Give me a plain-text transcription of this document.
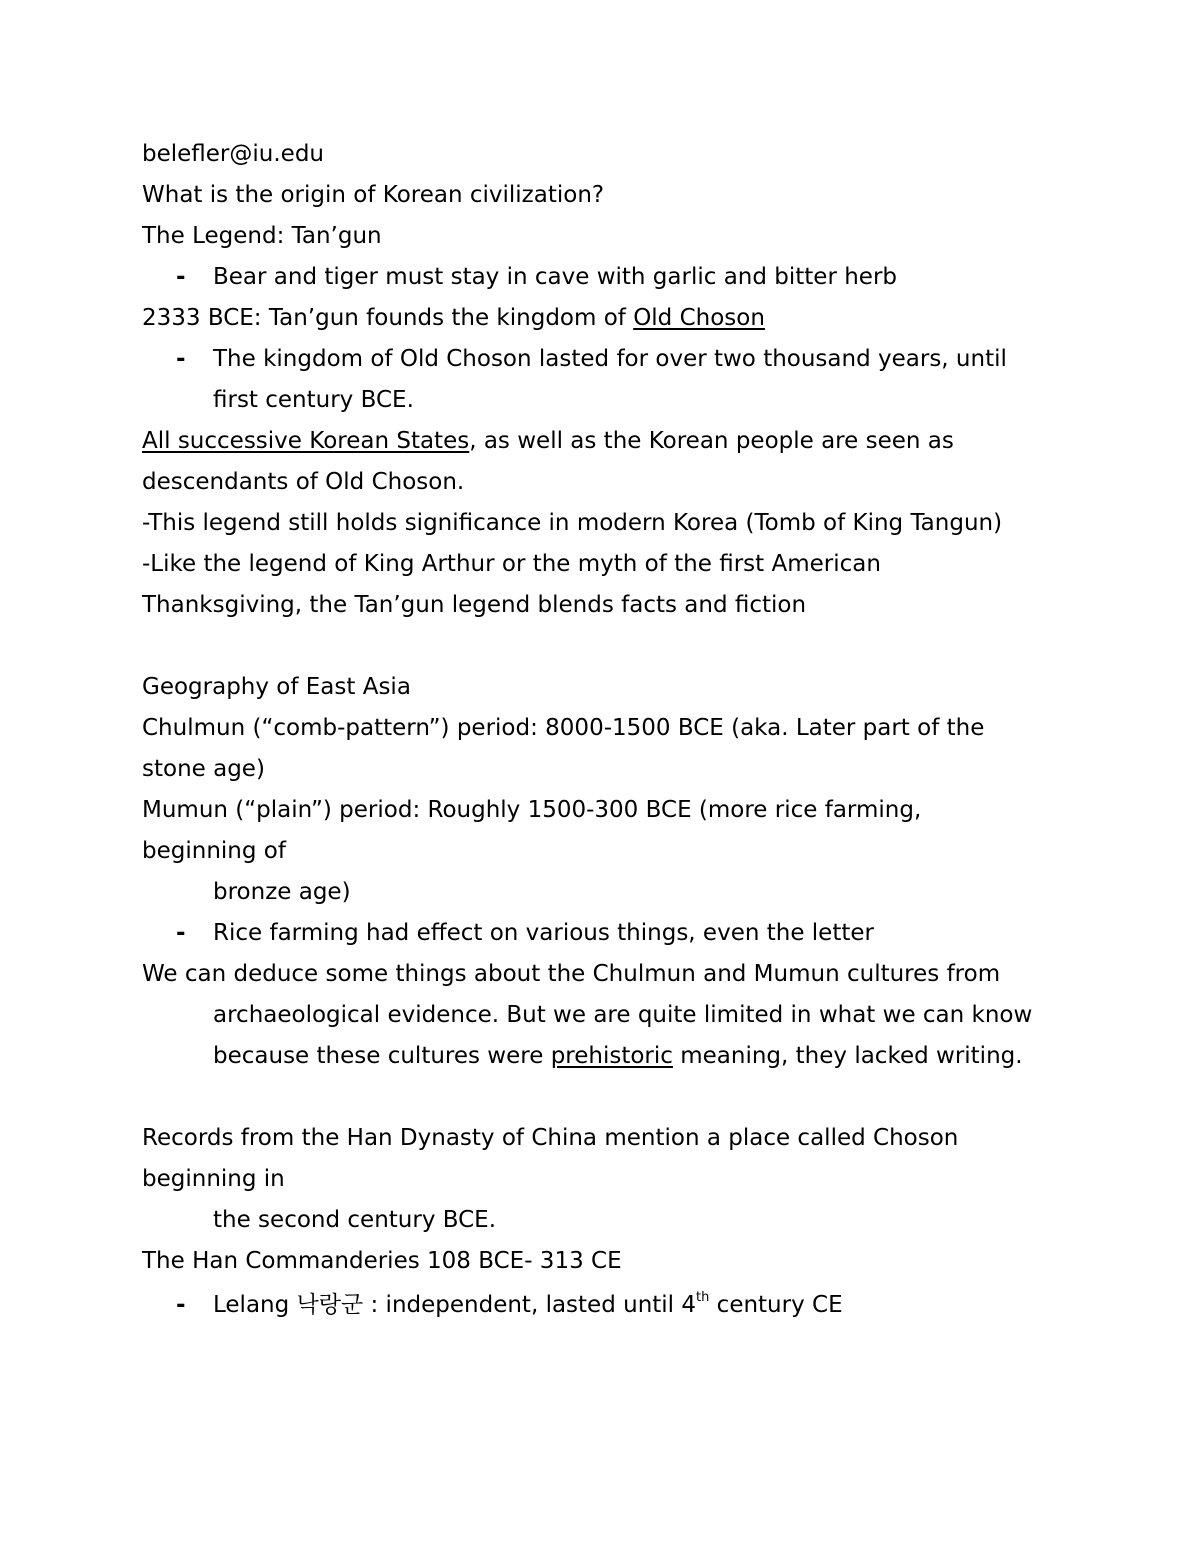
belefler@iu.edu
What is the origin of Korean civilization?
The Legend: Tan’gun
- Bear and tiger must stay in cave with garlic and bitter herb
2333 BCE: Tan’gun founds the kingdom of Old Choson
- The kingdom of Old Choson lasted for over two thousand years, until
first century BCE.
All successive Korean States, as well as the Korean people are seen as
descendants of Old Choson.
-This legend still holds significance in modern Korea (Tomb of King Tangun)
-Like the legend of King Arthur or the myth of the first American
Thanksgiving, the Tan’gun legend blends facts and fiction
Geography of East Asia
Chulmun (“comb-pattern”) period: 8000-1500 BCE (aka. Later part of the
stone age)
Mumun (“plain”) period: Roughly 1500-300 BCE (more rice farming,
beginning of
bronze age)
- Rice farming had effect on various things, even the letter
We can deduce some things about the Chulmun and Mumun cultures from
archaeological evidence. But we are quite limited in what we can know
because these cultures were prehistoric meaning, they lacked writing.
Records from the Han Dynasty of China mention a place called Choson
beginning in
the second century BCE.
The Han Commanderies 108 BCE- 313 CE
- Lelang 낙랑군 : independent, lasted until 4th century CE
